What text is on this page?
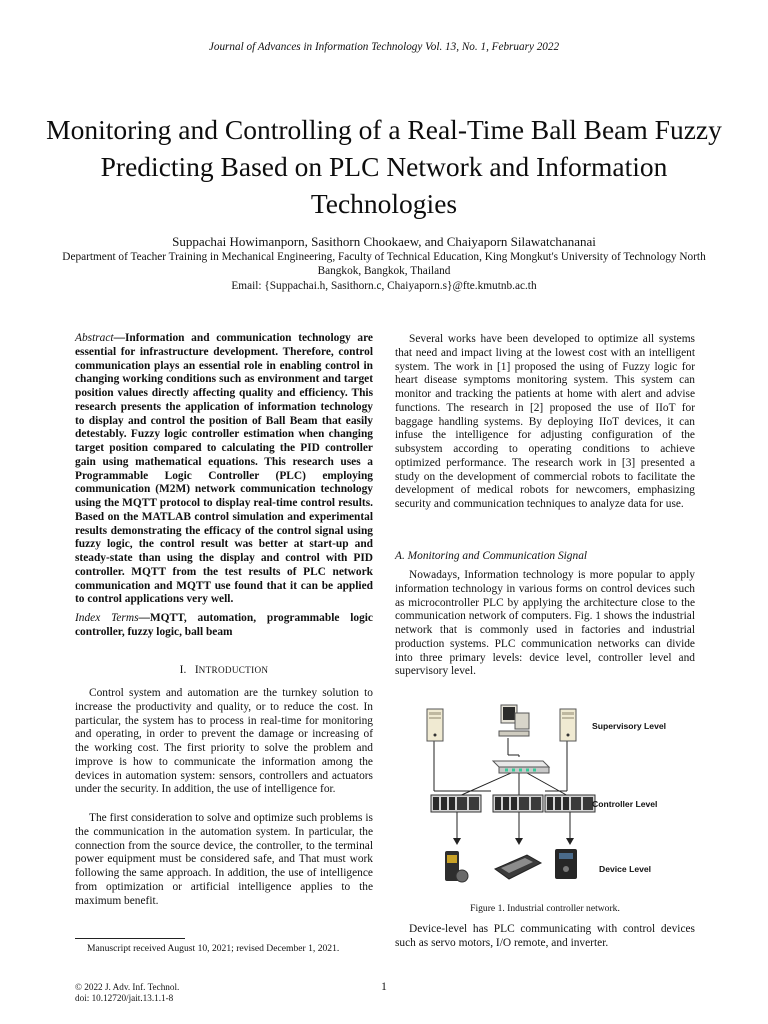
Journal of Advances in Information Technology Vol. 13, No. 1, February 2022
Monitoring and Controlling of a Real-Time Ball Beam Fuzzy Predicting Based on PLC Network and Information Technologies
Suppachai Howimanporn, Sasithorn Chookaew, and Chaiyaporn Silawatchananai
Department of Teacher Training in Mechanical Engineering, Faculty of Technical Education, King Mongkut's University of Technology North Bangkok, Bangkok, Thailand
Email: {Suppachai.h, Sasithorn.c, Chaiyaporn.s}@fte.kmutnb.ac.th
Abstract—Information and communication technology are essential for infrastructure development. Therefore, control communication plays an essential role in enabling control in changing working conditions such as environment and target position values directly affecting quality and efficiency. This research presents the application of information technology to display and control the position of Ball Beam that easily detestably. Fuzzy logic controller estimation when changing target position compared to calculating the PID controller gain using mathematical equations. This research uses a Programmable Logic Controller (PLC) employing communication (M2M) network communication technology using the MQTT protocol to display real-time control results. Based on the MATLAB control simulation and experimental results demonstrating the efficacy of the control signal using fuzzy logic, the control result was better at start-up and steady-state than using the display and control with PID controller. MQTT from the test results of PLC network communication and MQTT use found that it can be applied to control applications very well.
Index Terms—MQTT, automation, programmable logic controller, fuzzy logic, ball beam
I. INTRODUCTION

Control system and automation are the turnkey solution to increase the productivity and quality, or to reduce the cost. In particular, the system has to process in real-time for monitoring and operating, in order to prevent the damage or increasing of the working cost. The first priority to solve the problem and improve is how to communicate the information among the devices in automation system: sensors, controllers and actuators under the security. In addition, the use of intelligence for.

The first consideration to solve and optimize such problems is the communication in the automation system. In particular, the connection from the source device, the controller, to the terminal power equipment must be considered safe, and That must work following the same approach. In addition, the use of intelligence from optimization or artificial intelligence applies to the maximum benefit.

Several works have been developed to optimize all systems that need and impact living at the lowest cost with an intelligent system. The work in [1] proposed the using of Fuzzy logic for heart disease symptoms monitoring system. This system can monitor and tracking the patients at home with alert and advise functions. The research in [2] proposed the use of IIoT for baggage handling systems. By deploying IIoT devices, it can infuse the intelligence for adjusting configuration of the subsystem according to operating conditions to achieve optimized performance. The research work in [3] presented a study on the development of commercial robots to facilitate the development of medical robots for newcomers, emphasizing security and communication techniques to analyze data for use.

A. Monitoring and Communication Signal

Nowadays, Information technology is more popular to apply information technology in various forms on control devices such as microcontroller PLC by applying the architecture close to the communication network of computers. Fig. 1 shows the industrial network that is commonly used in factories and industrial production systems. PLC communication networks can divide into three primary levels: device level, controller level and supervisory level.

Supervisory Level
Controller Level
Device Level
Figure 1. Industrial controller network.

Device-level has PLC communicating with control devices such as servo motors, I/O remote, and inverter.

Manuscript received August 10, 2021; revised December 1, 2021.
© 2022 J. Adv. Inf. Technol.
doi: 10.12720/jait.13.1.1-8
1
